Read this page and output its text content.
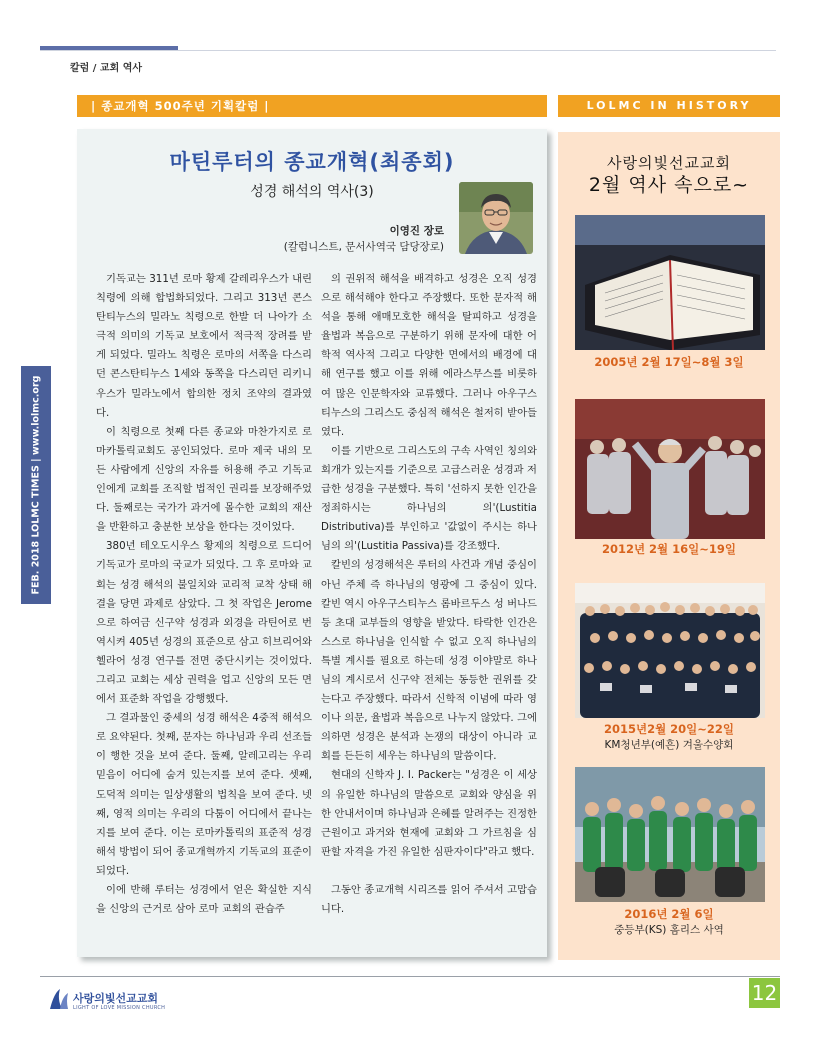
칼럼 / 교회 역사
FEB. 2018 LOLMC TIMES | www.lolmc.org
| 종교개혁 500주년 기획칼럼 |	LOLMC IN HISTORY
마틴루터의 종교개혁(최종회)
성경 해석의 역사(3)
이영진 장로
(칼럼니스트, 문서사역국 담당장로)

기독교는 311년 로마 황제 갈레리우스가 내린 칙령에 의해 합법화되었다. 그리고 313년 콘스탄티누스의 밀라노 칙령으로 한발 더 나아가 소극적 의미의 기독교 보호에서 적극적 장려를 받게 되었다. 밀라노 칙령은 로마의 서쪽을 다스리던 콘스탄티누스 1세와 동쪽을 다스리던 리키니우스가 밀라노에서 합의한 정치 조약의 결과였다.

이 칙령으로 첫째 다른 종교와 마찬가지로 로마카톨릭교회도 공인되었다. 로마 제국 내의 모든 사람에게 신앙의 자유를 허용해 주고 기독교인에게 교회를 조직할 법적인 권리를 보장해주었다. 둘째로는 국가가 과거에 몰수한 교회의 재산을 반환하고 충분한 보상을 한다는 것이었다.

380년 테오도시우스 황제의 칙령으로 드디어 기독교가 로마의 국교가 되었다. 그 후 로마와 교회는 성경 해석의 불일치와 교리적 교착 상태 해결을 당면 과제로 삼았다. 그 첫 작업은 Jerome으로 하여금 신구약 성경과 외경을 라틴어로 번역시켜 405년 성경의 표준으로 삼고 히브리어와 헬라어 성경 연구를 전면 중단시키는 것이었다. 그리고 교회는 세상 권력을 업고 신앙의 모든 면에서 표준화 작업을 강행했다.

그 결과물인 중세의 성경 해석은 4중적 해석으로 요약된다. 첫째, 문자는 하나님과 우리 선조들이 행한 것을 보여 준다. 둘째, 알레고리는 우리 믿음이 어디에 숨겨 있는지를 보여 준다. 셋째, 도덕적 의미는 일상생활의 법칙을 보여 준다. 넷째, 영적 의미는 우리의 다툼이 어디에서 끝나는지를 보여 준다. 이는 로마카톨릭의 표준적 성경 해석 방법이 되어 종교개혁까지 기독교의 표준이 되었다.

이에 반해 루터는 성경에서 얻은 확실한 지식을 신앙의 근거로 삼아 로마 교회의 관습주

의 권위적 해석을 배격하고 성경은 오직 성경으로 해석해야 한다고 주장했다. 또한 문자적 해석을 통해 애매모호한 해석을 탈피하고 성경을 율법과 복음으로 구분하기 위해 문자에 대한 어학적 역사적 그리고 다양한 면에서의 배경에 대해 연구를 했고 이를 위해 에라스무스를 비롯하여 많은 인문학자와 교류했다. 그러나 아우구스티누스의 그리스도 중심적 해석은 철저히 받아들였다.

이를 기반으로 그리스도의 구속 사역인 칭의와 회개가 있는지를 기준으로 고급스러운 성경과 저급한 성경을 구분했다. 특히 '선하지 못한 인간을 정죄하시는 하나님의 의'(Lustitia Distributiva)를 부인하고 '값없이 주시는 하나님의 의'(Lustitia Passiva)를 강조했다.

칼빈의 성경해석은 루터의 사건과 개념 중심이 아닌 주체 즉 하나님의 영광에 그 중심이 있다. 칼빈 역시 아우구스티누스 롬바르두스 성 버나드 등 초대 교부들의 영향을 받았다. 타락한 인간은 스스로 하나님을 인식할 수 없고 오직 하나님의 특별 계시를 필요로 하는데 성경 이야말로 하나님의 계시로서 신구약 전체는 동등한 권위를 갖는다고 주장했다. 따라서 신학적 이념에 따라 영이나 의문, 율법과 복음으로 나누지 않았다. 그에 의하면 성경은 분석과 논쟁의 대상이 아니라 교회를 든든히 세우는 하나님의 말씀이다.

현대의 신학자 J. I. Packer는 "성경은 이 세상의 유일한 하나님의 말씀으로 교회와 양심을 위한 안내서이며 하나님과 은혜를 알려주는 진정한 근원이고 과거와 현재에 교회와 그 가르침을 심판할 자격을 가진 유일한 심판자이다"라고 했다.

그동안 종교개혁 시리즈를 읽어 주셔서 고맙습니다.

사랑의빛선교교회
2월 역사 속으로~
2005년 2월 17일~8월 3일
2012년 2월 16일~19일
2015년2월 20일~22일
KM청년부(예흔) 겨울수양회
2016년 2월 6일
중등부(KS) 홈리스 사역
사랑의빛선교교회
LIGHT OF LOVE MISSION CHURCH
12
